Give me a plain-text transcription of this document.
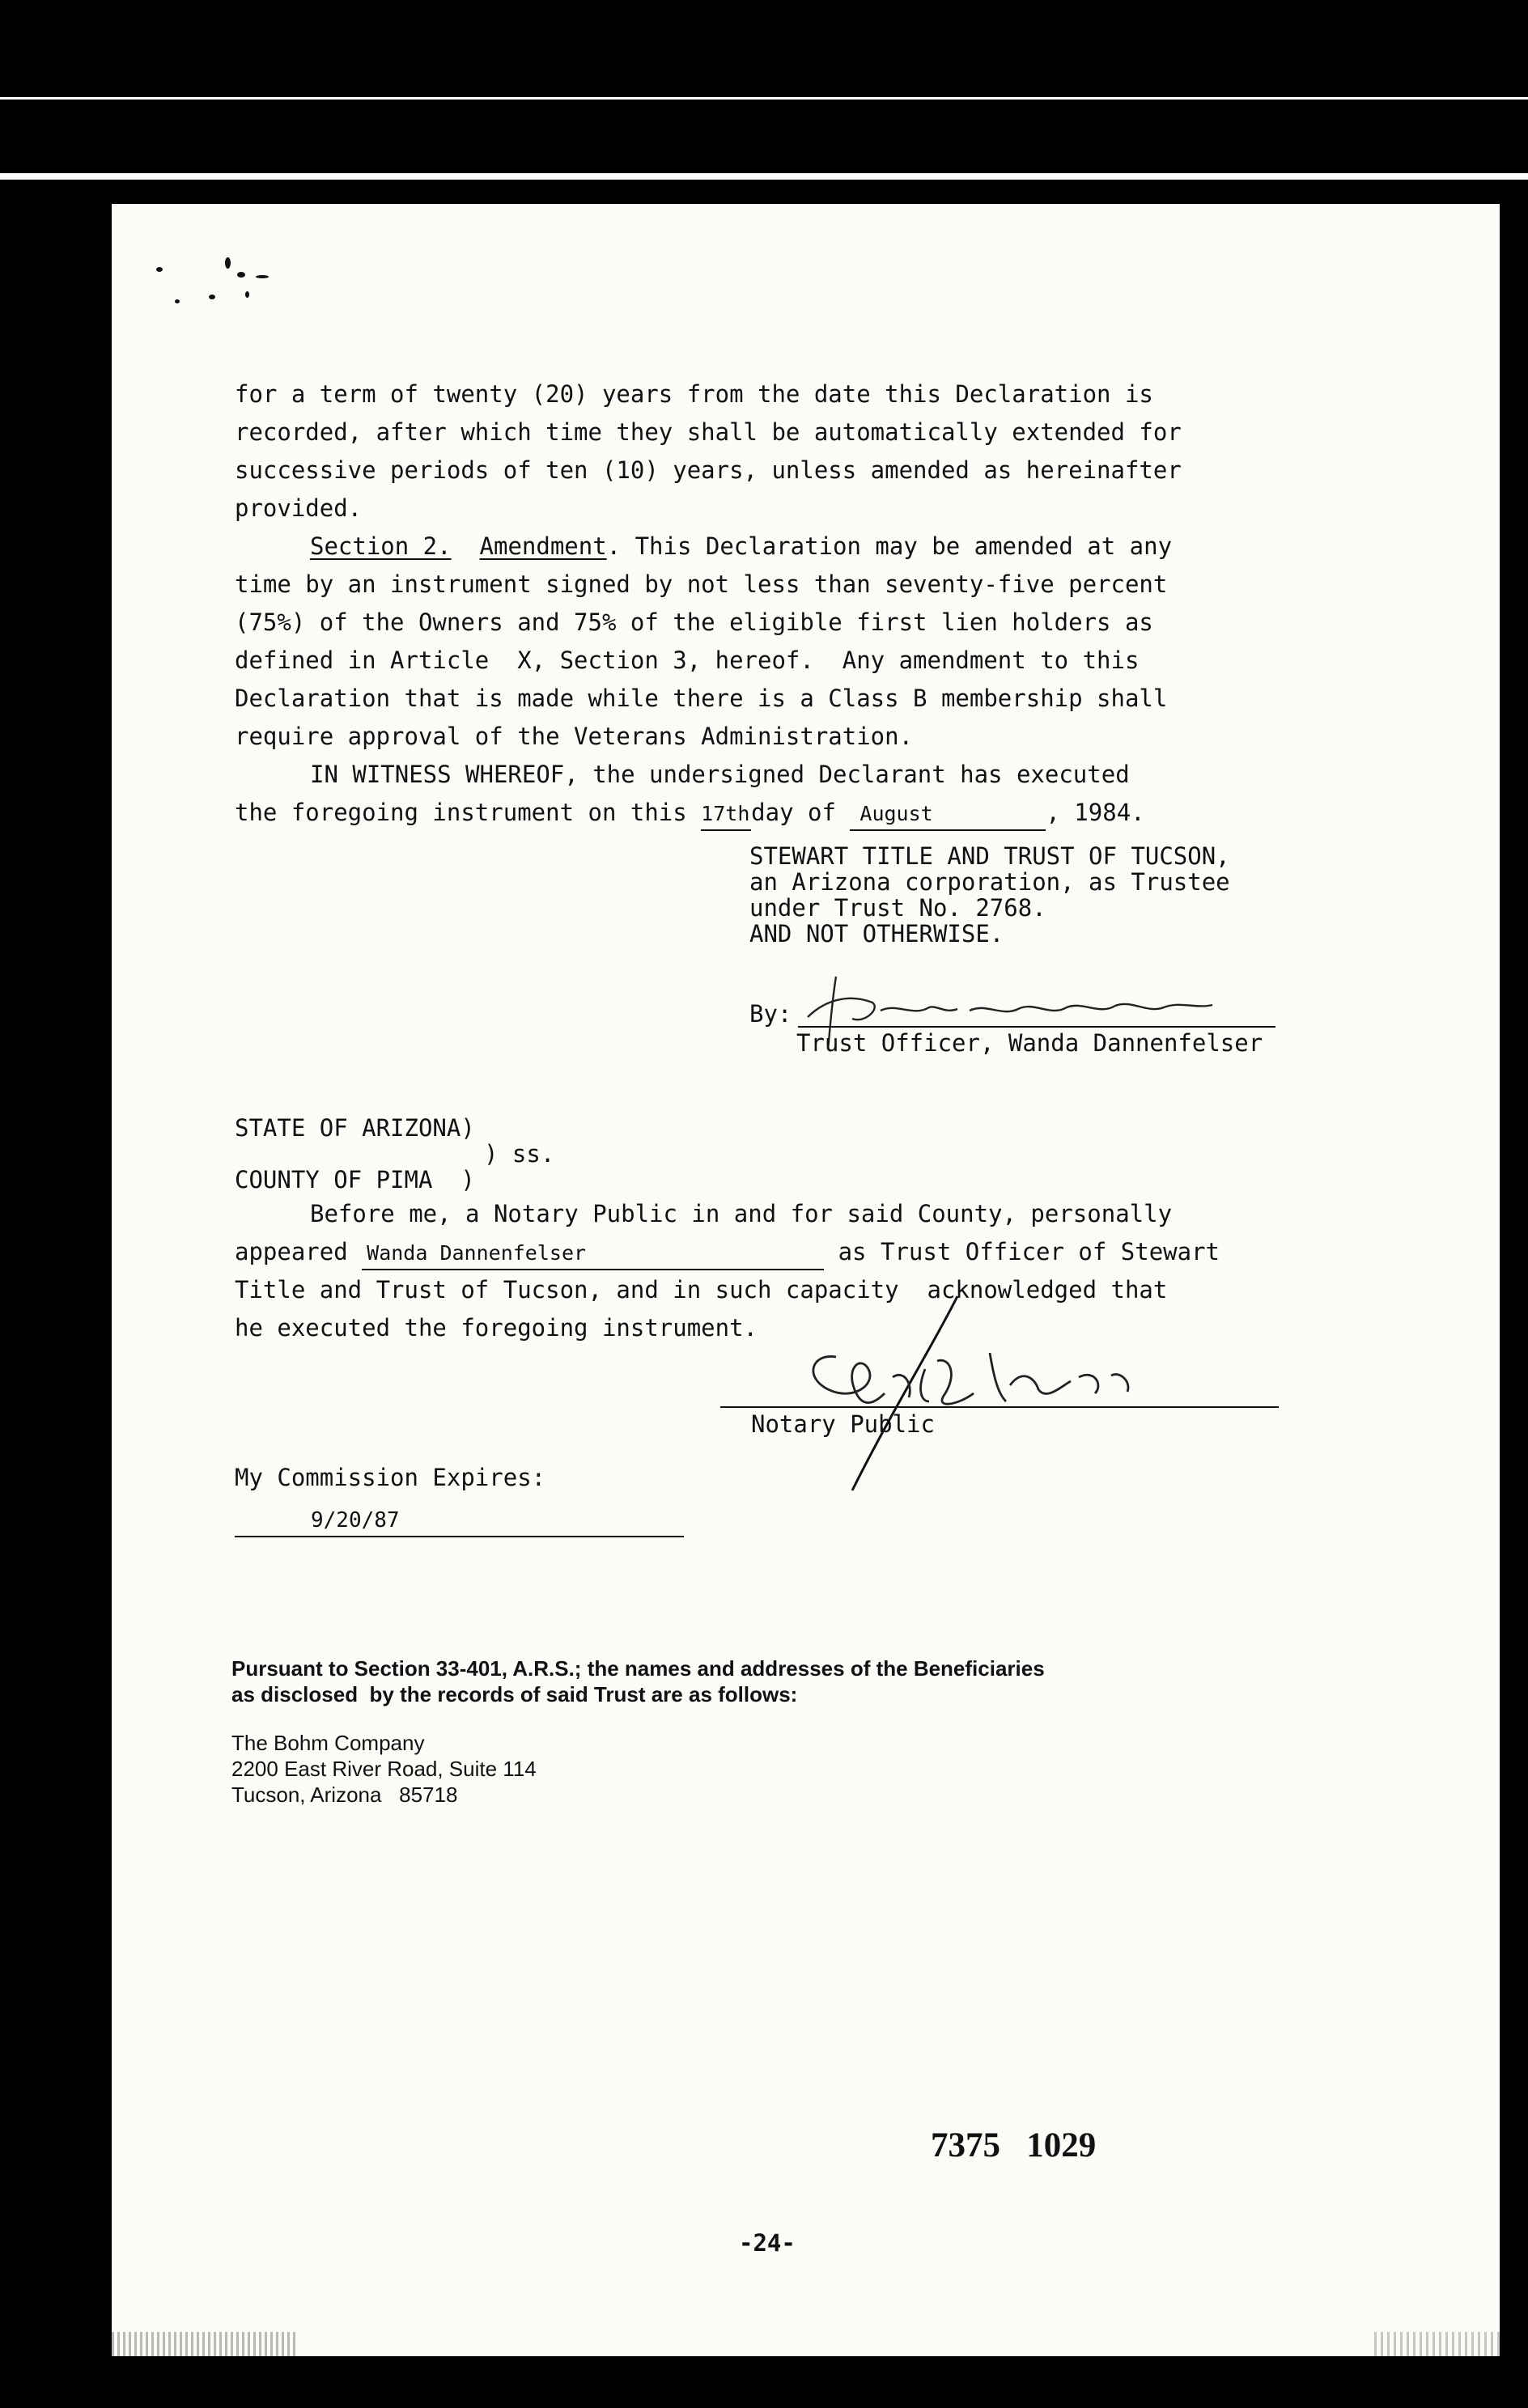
for a term of twenty (20) years from the date this Declaration is
recorded, after which time they shall be automatically extended for
successive periods of ten (10) years, unless amended as hereinafter
provided.
Section 2. Amendment. This Declaration may be amended at any
time by an instrument signed by not less than seventy-five percent
(75%) of the Owners and 75% of the eligible first lien holders as
defined in Article  X, Section 3, hereof.  Any amendment to this
Declaration that is made while there is a Class B membership shall
require approval of the Veterans Administration.
IN WITNESS WHEREOF, the undersigned Declarant has executed
the foregoing instrument on this 17thday of August	, 1984.
STEWART TITLE AND TRUST OF TUCSON,
an Arizona corporation, as Trustee
under Trust No. 2768.
AND NOT OTHERWISE.
By:
Trust Officer, Wanda Dannenfelser
STATE OF ARIZONA)
) ss.
COUNTY OF PIMA  )
Before me, a Notary Public in and for said County, personally
appeared Wanda Dannenfelser	as Trust Officer of Stewart
Title and Trust of Tucson, and in such capacity  acknowledged that
he executed the foregoing instrument.
Notary Public
My Commission Expires:
9/20/87
Pursuant to Section 33-401, A.R.S.; the names and addresses of the Beneficiaries
as disclosed  by the records of said Trust are as follows:
The Bohm Company
2200 East River Road, Suite 114
Tucson, Arizona   85718
7375   1029
-24-
